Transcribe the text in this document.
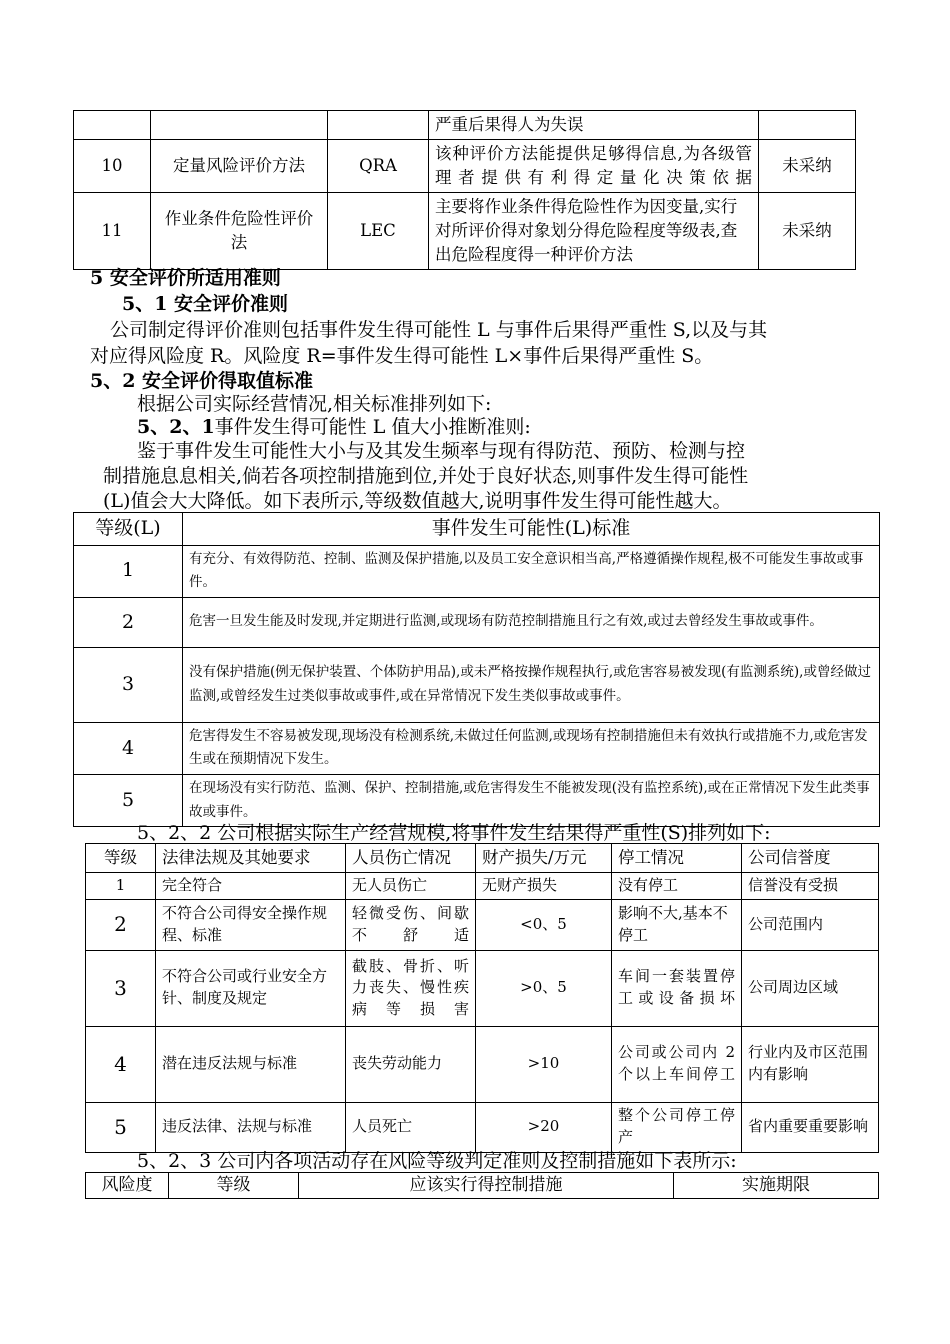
			严重后果得人为失误	
10	定量风险评价方法	QRA	该种评价方法能提供足够得信息,为各级管理者提供有利得定量化决策依据	未采纳
11	作业条件危险性评价法	LEC	主要将作业条件得危险性作为因变量,实行对所评价得对象划分得危险程度等级表,查出危险程度得一种评价方法	未采纳
5 安全评价所适用准则
5、1 安全评价准则
公司制定得评价准则包括事件发生得可能性 L 与事件后果得严重性 S,以及与其
对应得风险度 R。风险度 R=事件发生得可能性 L×事件后果得严重性 S。
5、2 安全评价得取值标准
根据公司实际经营情况,相关标准排列如下:
5、2、1事件发生得可能性 L 值大小推断准则:
鉴于事件发生可能性大小与及其发生频率与现有得防范、预防、检测与控
制措施息息相关,倘若各项控制措施到位,并处于良好状态,则事件发生得可能性
(L)值会大大降低。如下表所示,等级数值越大,说明事件发生得可能性越大。
等级(L)	事件发生可能性(L)标准
1	有充分、有效得防范、控制、监测及保护措施,以及员工安全意识相当高,严格遵循操作规程,极不可能发生事故或事件。
2	危害一旦发生能及时发现,并定期进行监测,或现场有防范控制措施且行之有效,或过去曾经发生事故或事件。
3	没有保护措施(例无保护装置、个体防护用品),或未严格按操作规程执行,或危害容易被发现(有监测系统),或曾经做过监测,或曾经发生过类似事故或事件,或在异常情况下发生类似事故或事件。
4	危害得发生不容易被发现,现场没有检测系统,未做过任何监测,或现场有控制措施但未有效执行或措施不力,或危害发生或在预期情况下发生。
5	在现场没有实行防范、监测、保护、控制措施,或危害得发生不能被发现(没有监控系统),或在正常情况下发生此类事故或事件。
5、2、2 公司根据实际生产经营规模,将事件发生结果得严重性(S)排列如下:
等级	法律法规及其她要求	人员伤亡情况	财产损失/万元	停工情况	公司信誉度
1	完全符合	无人员伤亡	无财产损失	没有停工	信誉没有受损
2	不符合公司得安全操作规程、标准	轻微受伤、间歇不舒适	<0、5	影响不大,基本不停工	公司范围内
3	不符合公司或行业安全方针、制度及规定	截肢、骨折、听力丧失、慢性疾病等损害	>0、5	车间一套装置停工或设备损坏	公司周边区域
4	潜在违反法规与标准	丧失劳动能力	>10	公司或公司内 2 个以上车间停工	行业内及市区范围内有影响
5	违反法律、法规与标准	人员死亡	>20	整个公司停工停产	省内重要重要影响
5、2、3 公司内各项活动存在风险等级判定准则及控制措施如下表所示:
风险度	等级	应该实行得控制措施	实施期限
